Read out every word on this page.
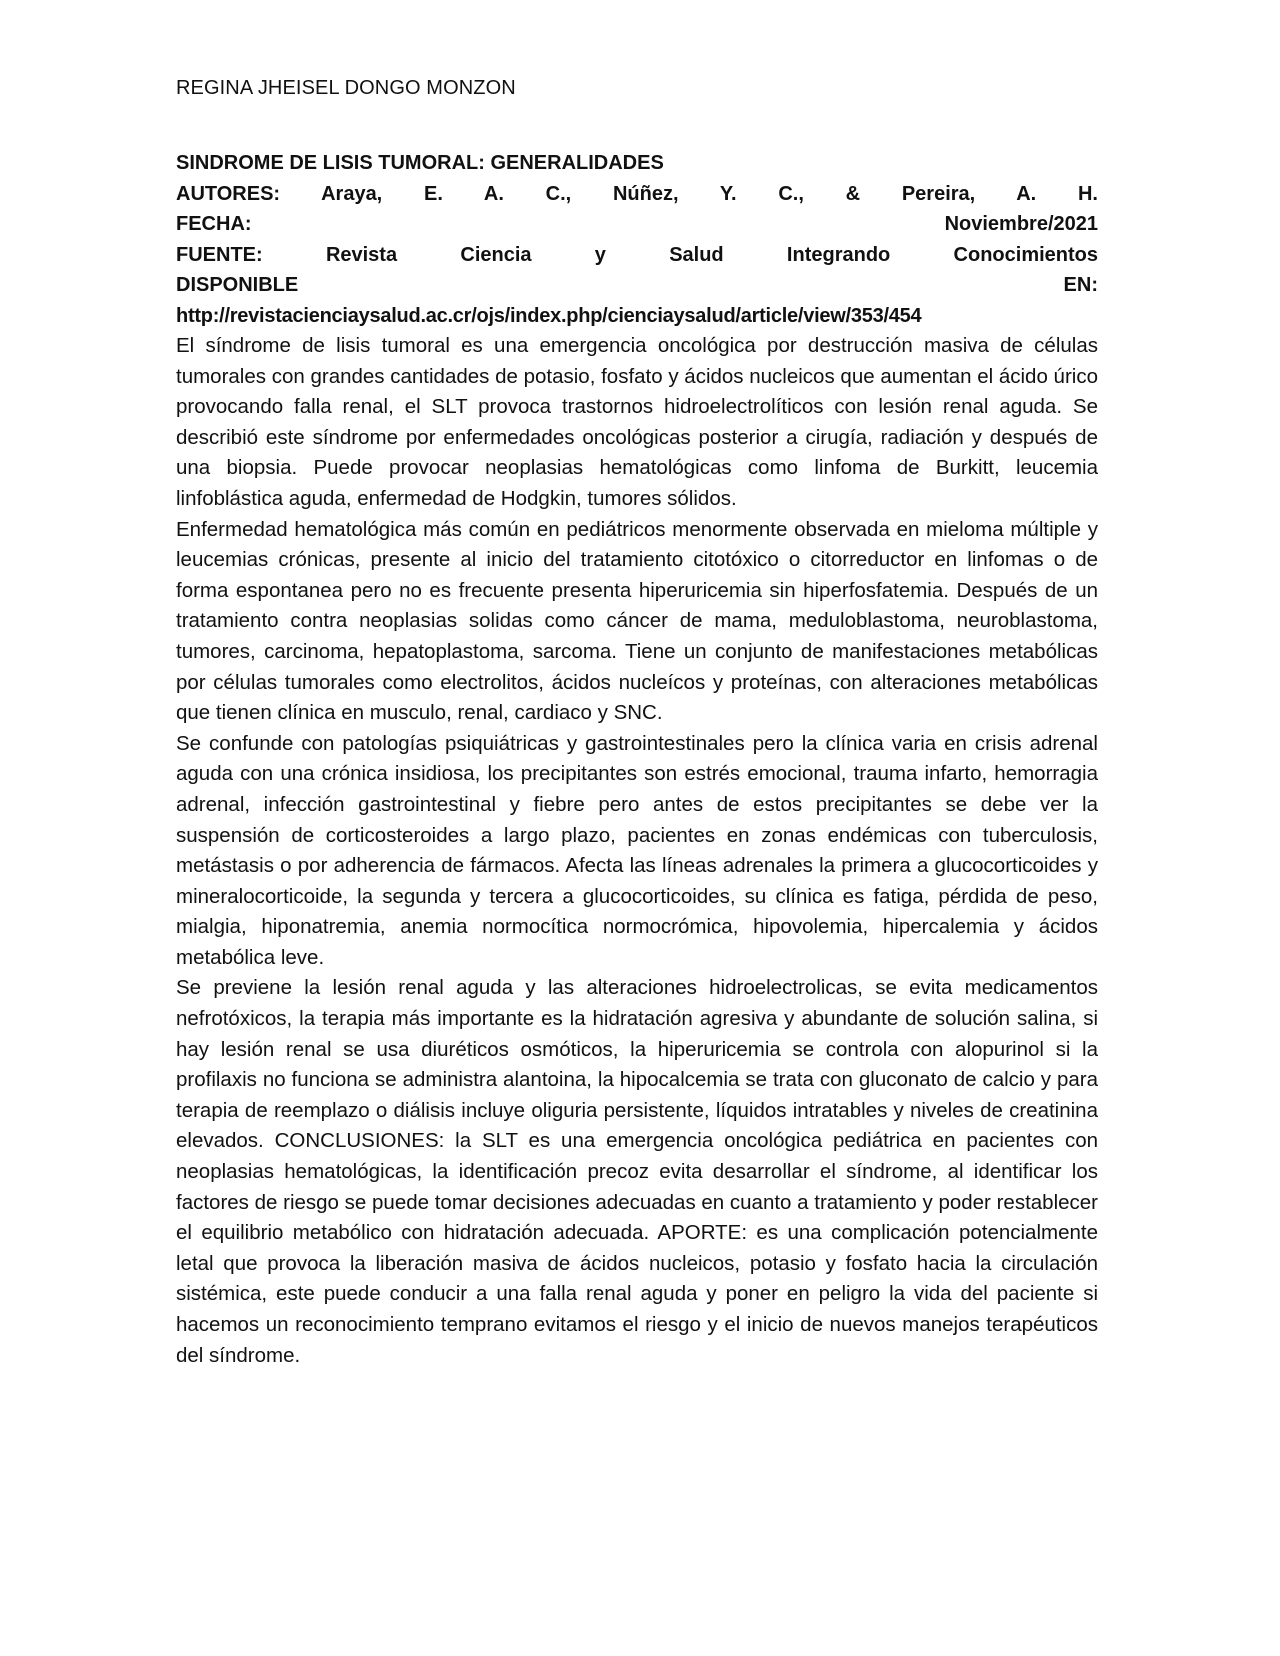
REGINA JHEISEL DONGO MONZON
SINDROME DE LISIS TUMORAL: GENERALIDADES
AUTORES: Araya, E. A. C., Núñez, Y. C., & Pereira, A. H.
FECHA:	Noviembre/2021
FUENTE: Revista Ciencia y Salud Integrando Conocimientos
DISPONIBLE	EN:
http://revistacienciaysalud.ac.cr/ojs/index.php/cienciaysalud/article/view/353/454

El síndrome de lisis tumoral es una emergencia oncológica por destrucción masiva de células tumorales con grandes cantidades de potasio, fosfato y ácidos nucleicos que aumentan el ácido úrico provocando falla renal, el SLT provoca trastornos hidroelectrolíticos con lesión renal aguda. Se describió este síndrome por enfermedades oncológicas posterior a cirugía, radiación y después de una biopsia. Puede provocar neoplasias hematológicas como linfoma de Burkitt, leucemia linfoblástica aguda, enfermedad de Hodgkin, tumores sólidos.

Enfermedad hematológica más común en pediátricos menormente observada en mieloma múltiple y leucemias crónicas, presente al inicio del tratamiento citotóxico o citorreductor en linfomas o de forma espontanea pero no es frecuente presenta hiperuricemia sin hiperfosfatemia. Después de un tratamiento contra neoplasias solidas como cáncer de mama, meduloblastoma, neuroblastoma, tumores, carcinoma, hepatoplastoma, sarcoma. Tiene un conjunto de manifestaciones metabólicas por células tumorales como electrolitos, ácidos nucleícos y proteínas, con alteraciones metabólicas que tienen clínica en musculo, renal, cardiaco y SNC.

Se confunde con patologías psiquiátricas y gastrointestinales pero la clínica varia en crisis adrenal aguda con una crónica insidiosa, los precipitantes son estrés emocional, trauma infarto, hemorragia adrenal, infección gastrointestinal y fiebre pero antes de estos precipitantes se debe ver la suspensión de corticosteroides a largo plazo, pacientes en zonas endémicas con tuberculosis, metástasis o por adherencia de fármacos. Afecta las líneas adrenales la primera a glucocorticoides y mineralocorticoide, la segunda y tercera a glucocorticoides, su clínica es fatiga, pérdida de peso, mialgia, hiponatremia, anemia normocítica normocrómica, hipovolemia, hipercalemia y ácidos metabólica leve.

Se previene la lesión renal aguda y las alteraciones hidroelectrolicas, se evita medicamentos nefrotóxicos, la terapia más importante es la hidratación agresiva y abundante de solución salina, si hay lesión renal se usa diuréticos osmóticos, la hiperuricemia se controla con alopurinol si la profilaxis no funciona se administra alantoina, la hipocalcemia se trata con gluconato de calcio y para terapia de reemplazo o diálisis incluye oliguria persistente, líquidos intratables y niveles de creatinina elevados. CONCLUSIONES: la SLT es una emergencia oncológica pediátrica en pacientes con neoplasias hematológicas, la identificación precoz evita desarrollar el síndrome, al identificar los factores de riesgo se puede tomar decisiones adecuadas en cuanto a tratamiento y poder restablecer el equilibrio metabólico con hidratación adecuada. APORTE: es una complicación potencialmente letal que provoca la liberación masiva de ácidos nucleicos, potasio y fosfato hacia la circulación sistémica, este puede conducir a una falla renal aguda y poner en peligro la vida del paciente si hacemos un reconocimiento temprano evitamos el riesgo y el inicio de nuevos manejos terapéuticos del síndrome.
